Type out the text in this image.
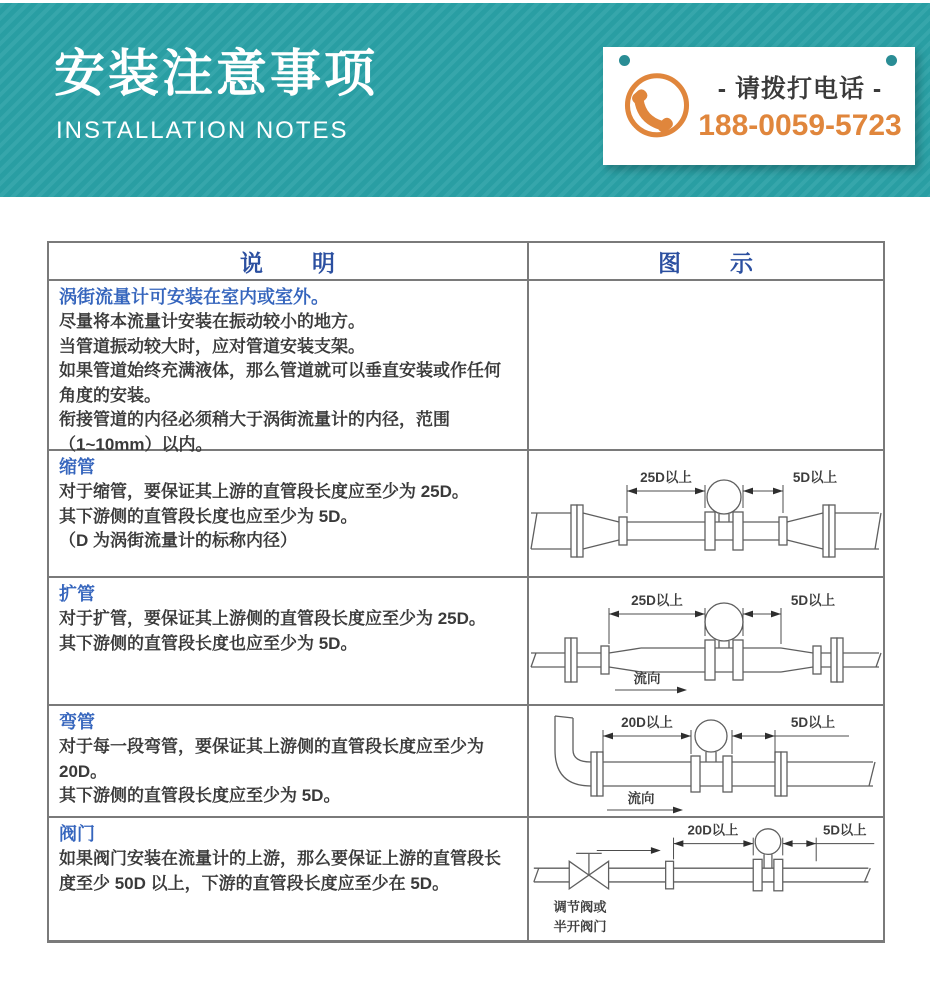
安装注意事项
INSTALLATION NOTES
- 请拨打电话 -
188-0059-5723
说　　明	图　　示
涡街流量计可安装在室内或室外。
尽量将本流量计安装在振动较小的地方。
当管道振动较大时，应对管道安装支架。
如果管道始终充满液体，那么管道就可以垂直安装或作任何角度的安装。
衔接管道的内径必须稍大于涡街流量计的内径，范围（1~10mm）以内。
缩管
对于缩管，要保证其上游的直管段长度应至少为 25D。
其下游侧的直管段长度也应至少为 5D。
（D 为涡街流量计的标称内径）
25D以上	5D以上
扩管
对于扩管，要保证其上游侧的直管段长度应至少为 25D。
其下游侧的直管段长度也应至少为 5D。
25D以上	5D以上
流向
弯管
对于每一段弯管，要保证其上游侧的直管段长度应至少为 20D。
其下游侧的直管段长度应至少为 5D。
20D以上	5D以上
流向
阀门
如果阀门安装在流量计的上游，那么要保证上游的直管段长度至少 50D 以上，下游的直管段长度应至少在 5D。
20D以上	5D以上
调节阀或
半开阀门
